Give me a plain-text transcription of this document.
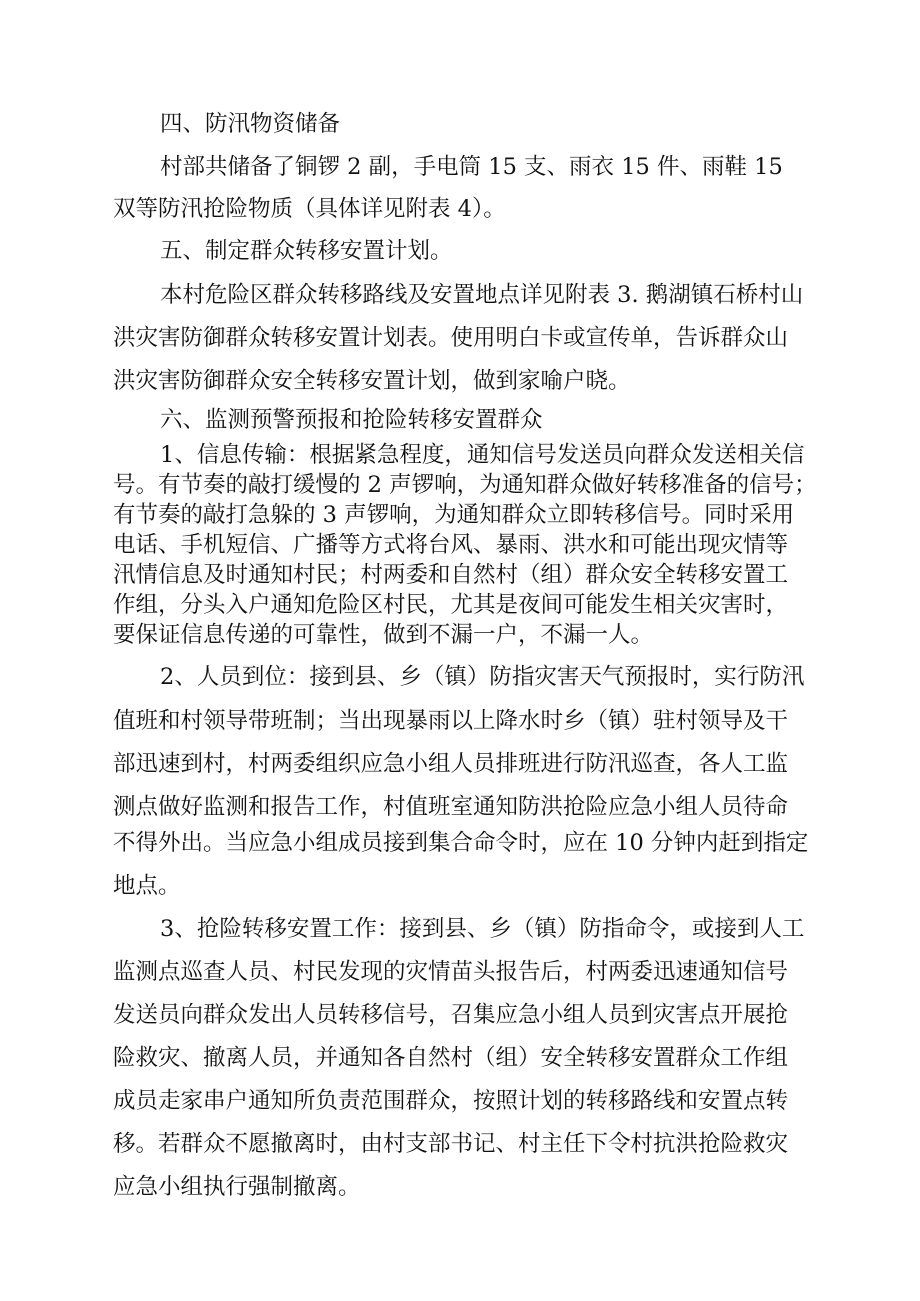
四、防汛物资储备
村部共储备了铜锣 2 副，手电筒 15 支、雨衣 15 件、雨鞋 15
双等防汛抢险物质（具体详见附表 4）。
五、制定群众转移安置计划。
本村危险区群众转移路线及安置地点详见附表 3. 鹅湖镇石桥村山
洪灾害防御群众转移安置计划表。使用明白卡或宣传单，告诉群众山
洪灾害防御群众安全转移安置计划，做到家喻户晓。
六、监测预警预报和抢险转移安置群众
1、信息传输：根据紧急程度，通知信号发送员向群众发送相关信
号。有节奏的敲打缓慢的 2 声锣响，为通知群众做好转移准备的信号；
有节奏的敲打急躲的 3 声锣响，为通知群众立即转移信号。同时采用
电话、手机短信、广播等方式将台风、暴雨、洪水和可能出现灾情等
汛情信息及时通知村民；村两委和自然村（组）群众安全转移安置工
作组，分头入户通知危险区村民，尤其是夜间可能发生相关灾害时，
要保证信息传递的可靠性，做到不漏一户，不漏一人。
2、人员到位：接到县、乡（镇）防指灾害天气预报时，实行防汛
值班和村领导带班制；当出现暴雨以上降水时乡（镇）驻村领导及干
部迅速到村，村两委组织应急小组人员排班进行防汛巡查，各人工监
测点做好监测和报告工作，村值班室通知防洪抢险应急小组人员待命
不得外出。当应急小组成员接到集合命令时，应在 10 分钟内赶到指定
地点。
3、抢险转移安置工作：接到县、乡（镇）防指命令，或接到人工
监测点巡查人员、村民发现的灾情苗头报告后，村两委迅速通知信号
发送员向群众发出人员转移信号，召集应急小组人员到灾害点开展抢
险救灾、撤离人员，并通知各自然村（组）安全转移安置群众工作组
成员走家串户通知所负责范围群众，按照计划的转移路线和安置点转
移。若群众不愿撤离时，由村支部书记、村主任下令村抗洪抢险救灾
应急小组执行强制撤离。
